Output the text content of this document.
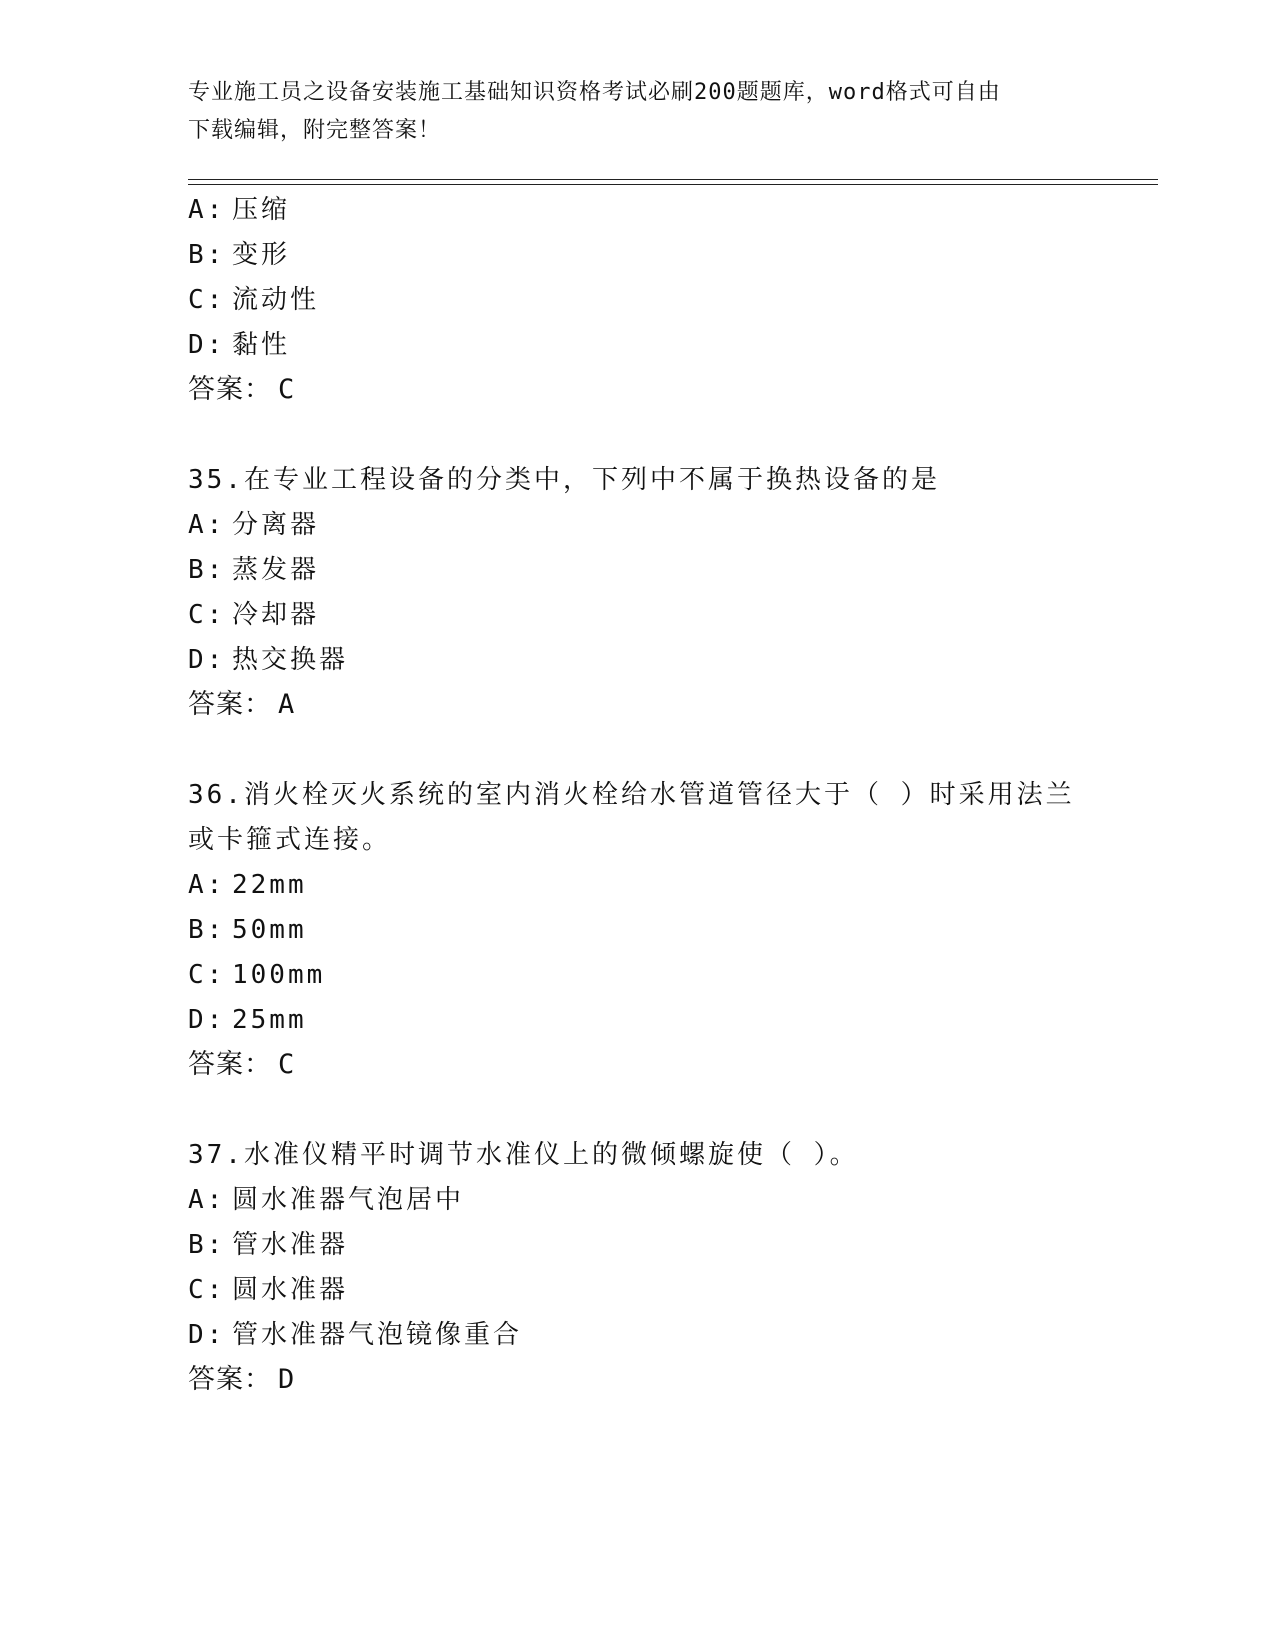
专业施工员之设备安装施工基础知识资格考试必刷200题题库，word格式可自由
下载编辑，附完整答案！
A: 压缩
B: 变形
C: 流动性
D: 黏性
答案： C
35.在专业工程设备的分类中，下列中不属于换热设备的是
A: 分离器
B: 蒸发器
C: 冷却器
D: 热交换器
答案： A
36.消火栓灭火系统的室内消火栓给水管道管径大于（ ）时采用法兰
或卡箍式连接。
A: 22mm
B: 50mm
C: 100mm
D: 25mm
答案： C
37.水准仪精平时调节水准仪上的微倾螺旋使（ ）。
A: 圆水准器气泡居中
B: 管水准器
C: 圆水准器
D: 管水准器气泡镜像重合
答案： D
